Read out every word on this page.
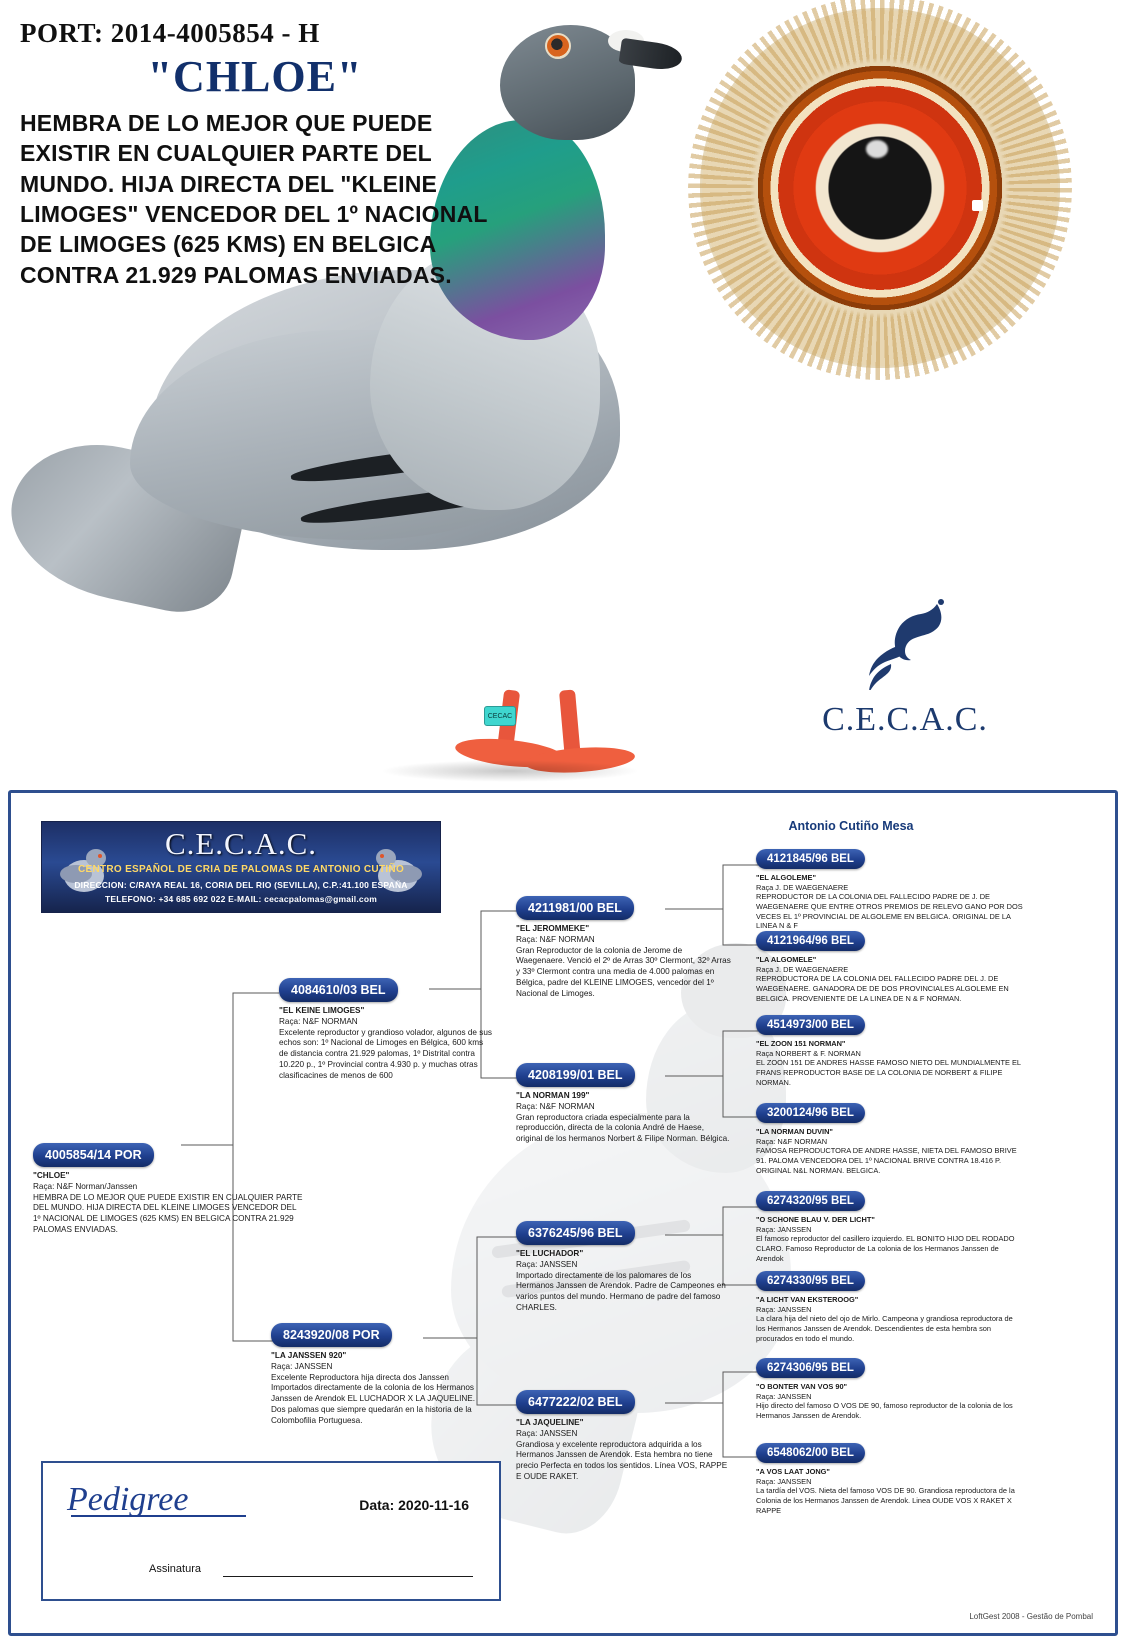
CECAC
PORT: 2014-4005854 - H
"CHLOE"
HEMBRA DE LO MEJOR QUE PUEDE EXISTIR EN CUALQUIER PARTE DEL MUNDO. HIJA DIRECTA DEL "KLEINE LIMOGES" VENCEDOR DEL 1º NACIONAL DE LIMOGES (625 KMS) EN BELGICA CONTRA 21.929 PALOMAS ENVIADAS.
C.E.C.A.C.
C.E.C.A.C.
CENTRO ESPAÑOL DE CRIA DE PALOMAS DE ANTONIO CUTIÑO
DIRECCION: C/RAYA REAL 16, CORIA DEL RIO (SEVILLA), C.P.:41.100 ESPAÑA
TELEFONO: +34 685 692 022 E-MAIL: cecacpalomas@gmail.com
Antonio Cutiño Mesa
4005854/14 POR
"CHLOE"
Raça: N&F Norman/Janssen
HEMBRA DE LO MEJOR QUE PUEDE EXISTIR EN CUALQUIER PARTE DEL MUNDO. HIJA DIRECTA DEL KLEINE LIMOGES VENCEDOR DEL 1º NACIONAL DE LIMOGES (625 KMS) EN BELGICA CONTRA 21.929 PALOMAS ENVIADAS.
4084610/03 BEL
"EL KEINE LIMOGES"
Raça: N&F NORMAN
Excelente reproductor y grandioso volador, algunos de sus echos son: 1º Nacional de Limoges en Bélgica, 600 kms de distancia contra 21.929 palomas, 1º Distrital contra 10.220 p., 1º Provincial contra 4.930 p. y muchas otras clasificacines de menos de 600
8243920/08 POR
"LA JANSSEN 920"
Raça: JANSSEN
Excelente Reproductora hija directa dos Janssen Importados directamente de la colonia de los Hermanos Janssen de Arendok EL LUCHADOR X LA JAQUELINE. Dos palomas que siempre quedarán en la historia de la Colombofilia Portuguesa.
4211981/00 BEL
"EL JEROMMEKE"
Raça: N&F NORMAN
Gran Reproductor de la colonia de Jerome de Waegenaere. Venció el 2º de Arras 30º Clermont, 32º Arras y 33º Clermont contra una media de 4.000 palomas en Bélgica, padre del KLEINE LIMOGES, vencedor del 1º Nacional de Limoges.
4208199/01 BEL
"LA NORMAN 199"
Raça: N&F NORMAN
Gran reproductora criada especialmente para la reproducción, directa de la colonia André de Haese, original de los hermanos Norbert & Filipe Norman. Bélgica.
6376245/96 BEL
"EL LUCHADOR"
Raça: JANSSEN
Importado directamente de los palomares de los Hermanos Janssen de Arendok. Padre de Campeones en varios puntos del mundo. Hermano de padre del famoso CHARLES.
6477222/02 BEL
"LA JAQUELINE"
Raça: JANSSEN
Grandiosa y excelente reproductora adquirida a los Hermanos Janssen de Arendok. Esta hembra no tiene precio Perfecta en todos los sentidos. Línea VOS, RAPPE E OUDE RAKET.
4121845/96 BEL
"EL ALGOLEME"
Raça J. DE WAEGENAERE
REPRODUCTOR DE LA COLONIA DEL FALLECIDO PADRE DE J. DE WAEGENAERE QUE ENTRE OTROS PREMIOS DE RELEVO GANO POR DOS VECES EL 1º PROVINCIAL DE ALGOLEME EN BELGICA. ORIGINAL DE LA LINEA N & F
4121964/96 BEL
"LA ALGOMELE"
Raça J. DE WAEGENAERE
REPRODUCTORA DE LA COLONIA DEL FALLECIDO PADRE DEL J. DE WAEGENAERE. GANADORA DE DE DOS PROVINCIALES ALGOLEME EN BELGICA. PROVENIENTE DE LA LINEA DE N & F NORMAN.
4514973/00 BEL
"EL ZOON 151 NORMAN"
Raça NORBERT & F. NORMAN
EL ZOON 151 DE ANDRES HASSE FAMOSO NIETO DEL MUNDIALMENTE EL FRANS REPRODUCTOR BASE DE LA COLONIA DE NORBERT & FILIPE NORMAN.
3200124/96 BEL
"LA NORMAN DUVIN"
Raça: N&F NORMAN
FAMOSA REPRODUCTORA DE ANDRE HASSE, NIETA DEL FAMOSO BRIVE 91. PALOMA VENCEDORA DEL 1º NACIONAL BRIVE CONTRA 18.416 P. ORIGINAL N&L NORMAN. BELGICA.
6274320/95 BEL
"O SCHONE BLAU V. DER LICHT"
Raça: JANSSEN
El famoso reproductor del casillero izquierdo. EL BONITO HIJO DEL RODADO CLARO. Famoso Reproductor de La colonia de los Hermanos Janssen de Arendok
6274330/95 BEL
"A LICHT VAN EKSTEROOG"
Raça: JANSSEN
La clara hija del nieto del ojo de Mirlo. Campeona y grandiosa reproductora de los Hermanos Janssen de Arendok. Descendientes de esta hembra son procurados en todo el mundo.
6274306/95 BEL
"O BONTER VAN VOS 90"
Raça: JANSSEN
Hijo directo del famoso O VOS DE 90, famoso reproductor de la colonia de los Hermanos Janssen de Arendok.
6548062/00 BEL
"A VOS LAAT JONG"
Raça: JANSSEN
La tardía del VOS. Nieta del famoso VOS DE 90. Grandiosa reproductora de la Colonia de los Hermanos Janssen de Arendok. Linea OUDE VOS X RAKET X RAPPE
Pedigree	Data: 2020-11-16
Assinatura
LoftGest 2008 - Gestão de Pombal
